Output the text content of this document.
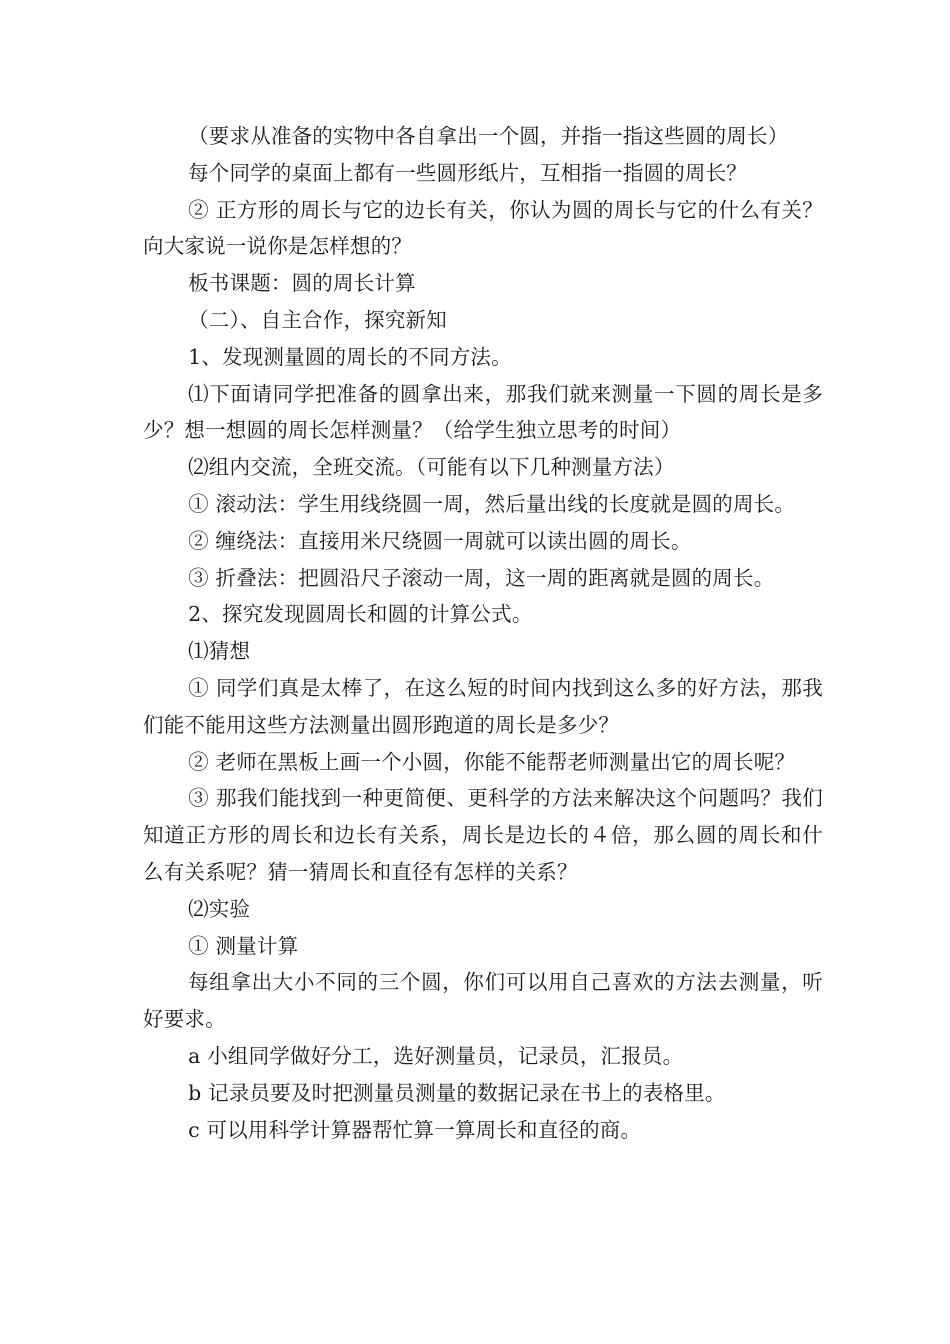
（要求从准备的实物中各自拿出一个圆，并指一指这些圆的周长）

每个同学的桌面上都有一些圆形纸片，互相指一指圆的周长？

② 正方形的周长与它的边长有关，你认为圆的周长与它的什么有关？向大家说一说你是怎样想的？

板书课题：圆的周长计算

（二）、自主合作，探究新知

1、发现测量圆的周长的不同方法。

⑴下面请同学把准备的圆拿出来，那我们就来测量一下圆的周长是多少？想一想圆的周长怎样测量？（给学生独立思考的时间）

⑵组内交流，全班交流。（可能有以下几种测量方法）

① 滚动法：学生用线绕圆一周，然后量出线的长度就是圆的周长。

② 缠绕法：直接用米尺绕圆一周就可以读出圆的周长。

③ 折叠法：把圆沿尺子滚动一周，这一周的距离就是圆的周长。

2、探究发现圆周长和圆的计算公式。

⑴猜想

① 同学们真是太棒了，在这么短的时间内找到这么多的好方法，那我们能不能用这些方法测量出圆形跑道的周长是多少？

② 老师在黑板上画一个小圆，你能不能帮老师测量出它的周长呢？

③ 那我们能找到一种更简便、更科学的方法来解决这个问题吗？我们知道正方形的周长和边长有关系，周长是边长的４倍，那么圆的周长和什么有关系呢？猜一猜周长和直径有怎样的关系？

⑵实验

① 测量计算

每组拿出大小不同的三个圆，你们可以用自己喜欢的方法去测量，听好要求。

a 小组同学做好分工，选好测量员，记录员，汇报员。

b 记录员要及时把测量员测量的数据记录在书上的表格里。

c 可以用科学计算器帮忙算一算周长和直径的商。
